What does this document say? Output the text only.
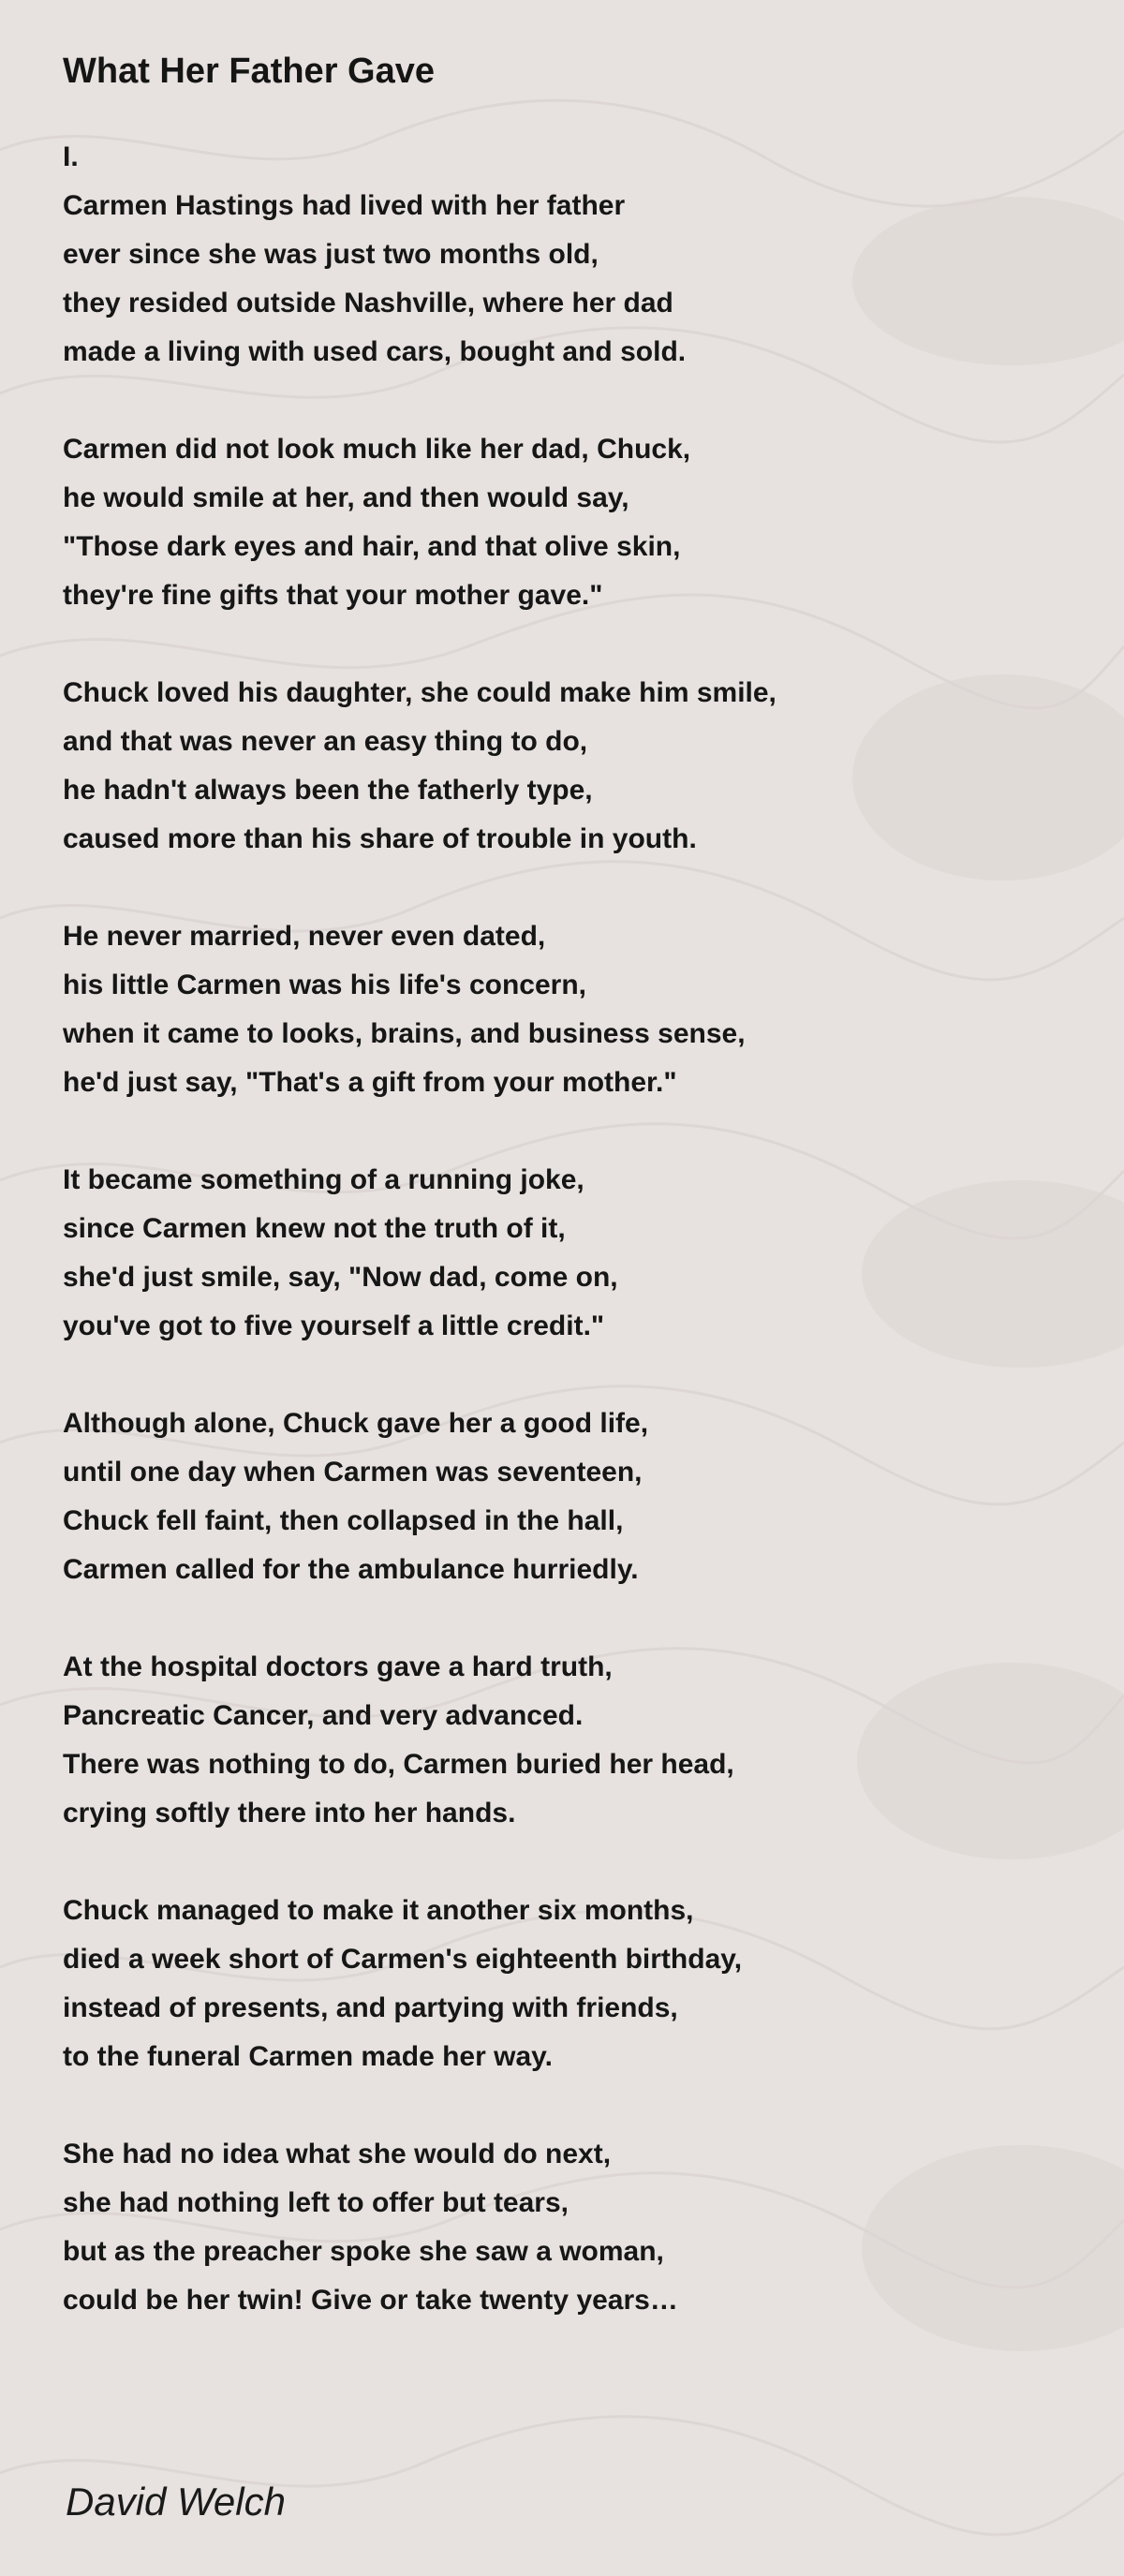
What Her Father Gave
I.
Carmen Hastings had lived with her father
ever since she was just two months old,
they resided outside Nashville, where her dad
made a living with used cars, bought and sold.
Carmen did not look much like her dad, Chuck,
he would smile at her, and then would say,
"Those dark eyes and hair, and that olive skin,
they're fine gifts that your mother gave."
Chuck loved his daughter, she could make him smile,
and that was never an easy thing to do,
he hadn't always been the fatherly type,
caused more than his share of trouble in youth.
He never married, never even dated,
his little Carmen was his life's concern,
when it came to looks, brains, and business sense,
he'd just say, "That's a gift from your mother."
It became something of a running joke,
since Carmen knew not the truth of it,
she'd just smile, say, "Now dad, come on,
you've got to five yourself a little credit."
Although alone, Chuck gave her a good life,
until one day when Carmen was seventeen,
Chuck fell faint, then collapsed in the hall,
Carmen called for the ambulance hurriedly.
At the hospital doctors gave a hard truth,
Pancreatic Cancer, and very advanced.
There was nothing to do, Carmen buried her head,
crying softly there into her hands.
Chuck managed to make it another six months,
died a week short of Carmen's eighteenth birthday,
instead of presents, and partying with friends,
to the funeral Carmen made her way.
She had no idea what she would do next,
she had nothing left to offer but tears,
but as the preacher spoke she saw a woman,
could be her twin! Give or take twenty years…

David Welch
